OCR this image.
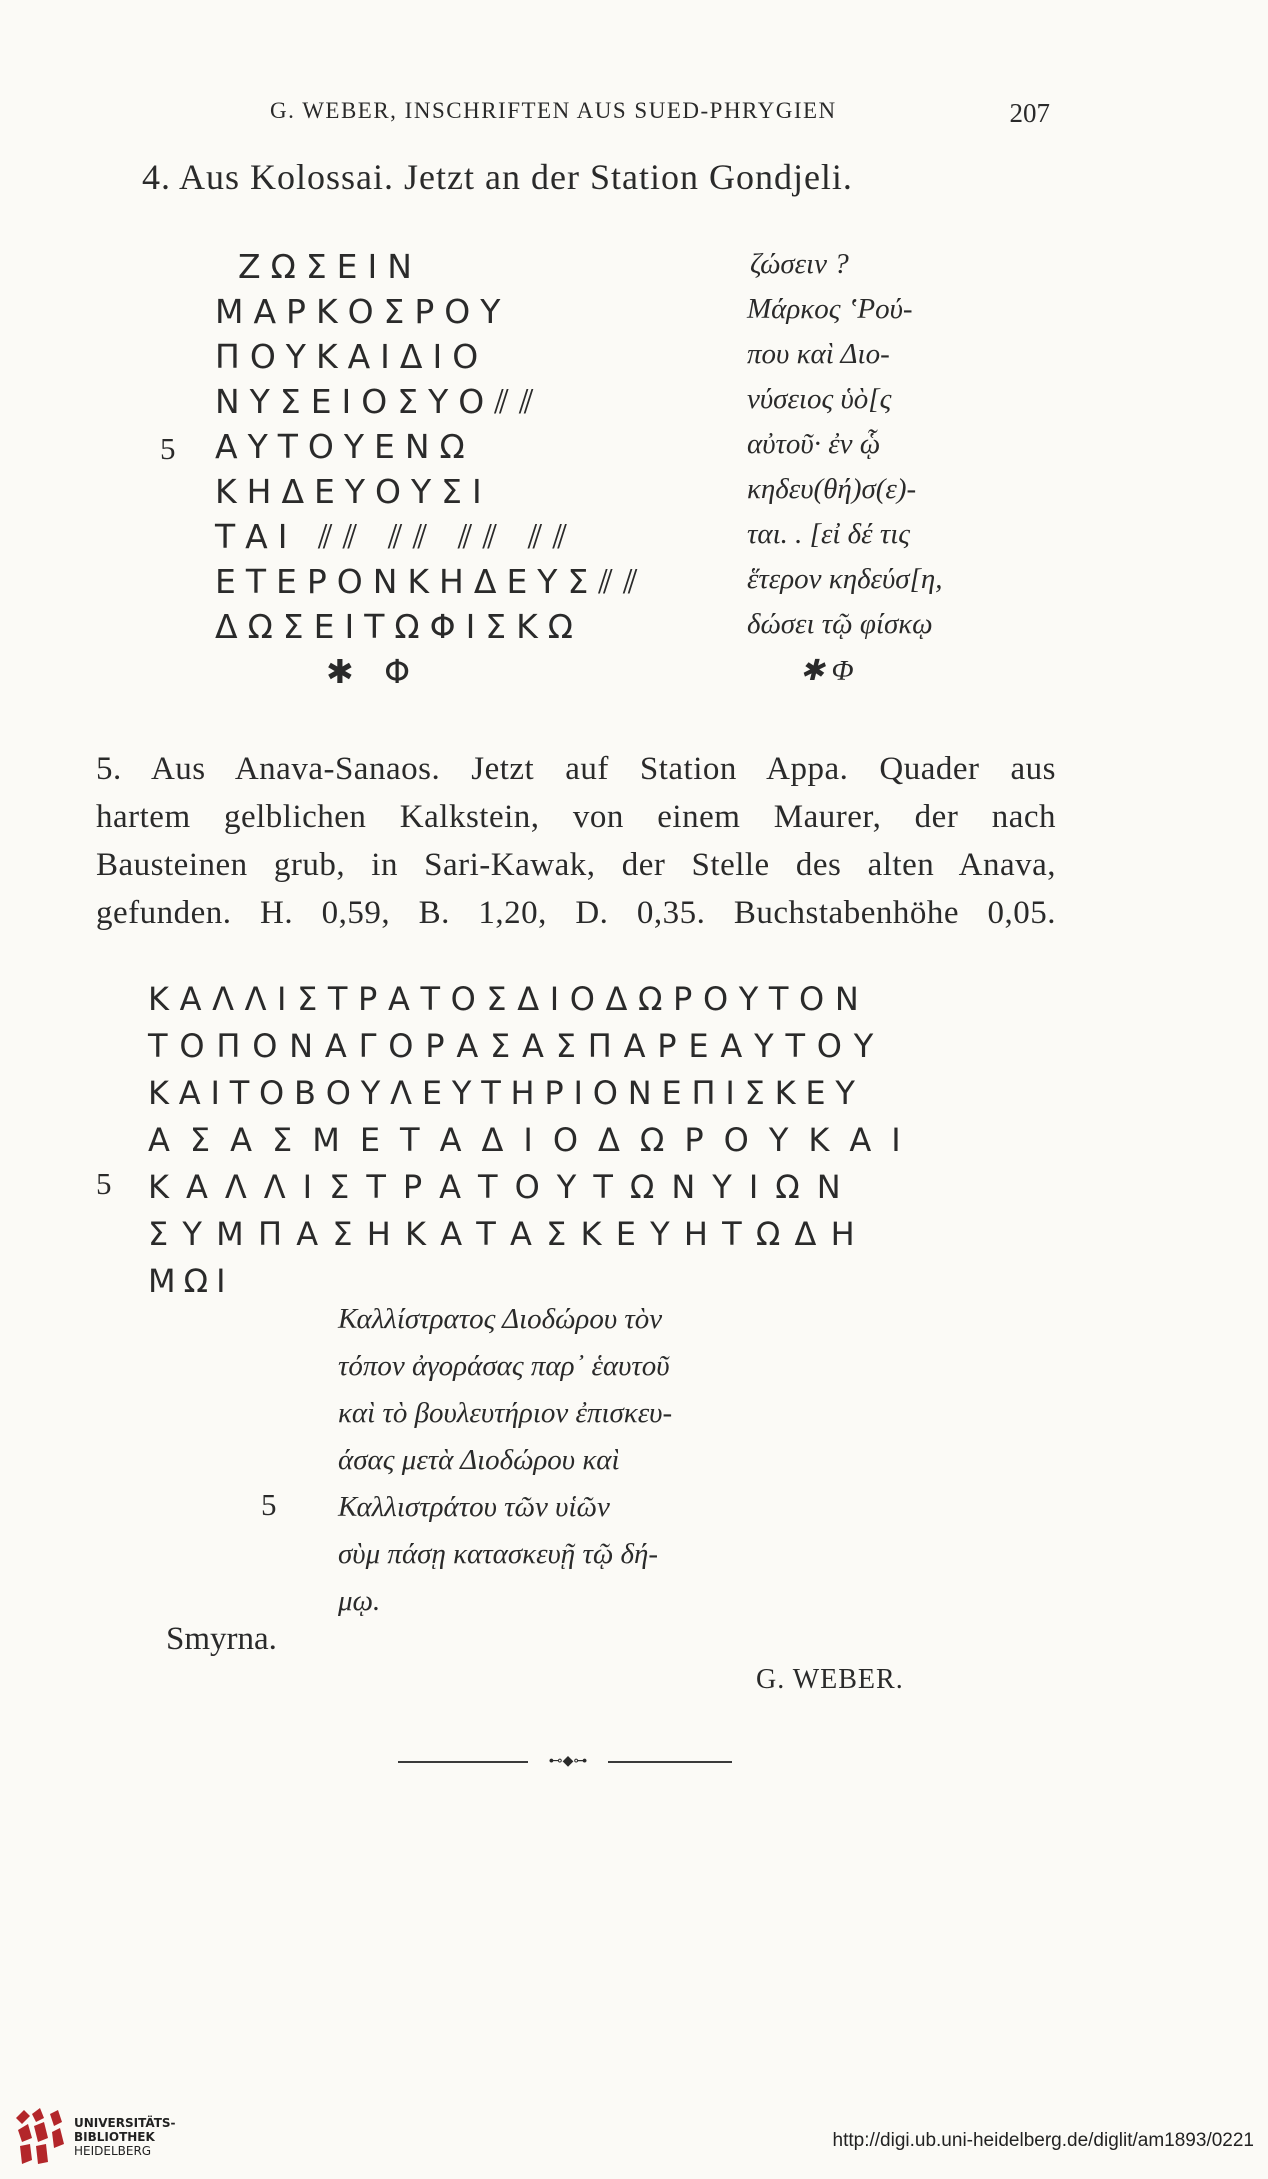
G. WEBER, INSCHRIFTEN AUS SUED-PHRYGIEN	207
4. Aus Kolossai. Jetzt an der Station Gondjeli.
ΖΩΣΕΙΝ
ΜΑΡΚΟΣΡΟΥ
ΠΟΥΚΑΙΔΙΟ
ΝΥΣΕΙΟΣΥΟ⫽⫽
5 ΑΥΤΟΥΕΝΩ
ΚΗΔΕΥΟΥΣΙ
ΤΑΙ ⫽⫽ ⫽⫽ ⫽⫽ ⫽⫽
ΕΤΕΡΟΝΚΗΔΕΥΣ⫽⫽
ΔΩΣΕΙΤΩΦΙΣΚΩ
✱ Φ
ζώσειν ?
Μάρκος ʽΡού-
που καὶ Διο-
νύσειος ὑὸ[ς
αὐτοῦ· ἐν ᾧ
κηδευ(θή)σ(ε)-
ται. . [εἰ δέ τις
ἕτερον κηδεύσ[η,
δώσει τῷ φίσκῳ
✱ Φ
5. Aus Anava-Sanaos. Jetzt auf Station Appa. Quader aus
hartem gelblichen Kalkstein, von einem Maurer, der nach
Bausteinen grub, in Sari-Kawak, der Stelle des alten Anava,
gefunden. H. 0,59, B. 1,20, D. 0,35. Buchstabenhöhe 0,05.
ΚΑΛΛΙΣΤΡΑΤΟΣΔΙΟΔΩΡΟΥΤΟΝ
ΤΟΠΟΝΑΓΟΡΑΣΑΣΠΑΡΕΑΥΤΟΥ
ΚΑΙΤΟΒΟΥΛΕΥΤΗΡΙΟΝΕΠΙΣΚΕΥ
ΑΣΑΣΜΕΤΑΔΙΟΔΩΡΟΥΚΑΙ
5 ΚΑΛΛΙΣΤΡΑΤΟΥΤΩΝΥΙΩΝ
ΣΥΜΠΑΣΗΚΑΤΑΣΚΕΥΗΤΩΔΗ
ΜΩΙ
Καλλίστρατος Διοδώρου τὸν
τόπον ἀγοράσας παρ᾽ ἑαυτοῦ
καὶ τὸ βουλευτήριον ἐπισκευ-
άσας μετὰ Διοδώρου καὶ
5 Καλλιστράτου τῶν υἱῶν
σὺμ πάσῃ κατασκευῇ τῷ δή-
μῳ.
Smyrna.
G. WEBER.
⊷◆⊶
UNIVERSITÄTS-
BIBLIOTHEK
HEIDELBERG	http://digi.ub.uni-heidelberg.de/diglit/am1893/0221
